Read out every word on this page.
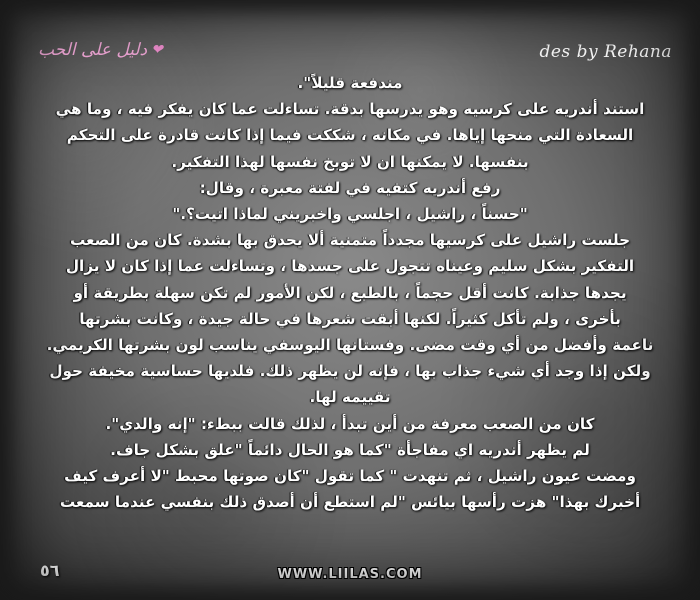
دليل على الحب ❤	des by Rehana

مندفعة قليلاً".

استند أندريه على كرسيه وهو يدرسها بدقة. تساءلت عما كان يفكر فيه ، وما هي

السعادة التي منحها إياها. في مكانه ، شككت فيما إذا كانت قادرة على التحكم

بنفسها. لا يمكنها ان لا توبخ نفسها لهذا التفكير.

رفع أندريه كتفيه في لفتة معبرة ، وقال:

"حسناً ، راشيل ، اجلسي واخبريني لماذا اتيت؟."

جلست راشيل على كرسيها مجدداً متمنية ألا يحدق بها بشدة. كان من الصعب

التفكير بشكل سليم وعيناه تتجول على جسدها ، وتساءلت عما إذا كان لا يزال

يجدها جذابة. كانت أقل حجماً ، بالطبع ، لكن الأمور لم تكن سهلة بطريقة أو

بأخرى ، ولم تأكل كثيراً. لكنها أبقت شعرها في حالة جيدة ، وكانت بشرتها

ناعمة وأفضل من أي وقت مضى. وفستانها اليوسفي يناسب لون بشرتها الكريمي.

ولكن إذا وجد أي شيء جذاب بها ، فإنه لن يظهر ذلك. فلديها حساسية مخيفة حول

تقييمه لها.

كان من الصعب معرفة من أين تبدأ ، لذلك قالت ببطء: "إنه والدي".

لم يظهر أندريه اي مفاجأة "كما هو الحال دائماً "علق بشكل جاف.

ومضت عيون راشيل ، ثم تنهدت " كما تقول "كان صوتها محبط "لا أعرف كيف

أخبرك بهذا" هزت رأسها بيائس "لم استطع أن أصدق ذلك بنفسي عندما سمعت

٥٦	WWW.LIILAS.COM
